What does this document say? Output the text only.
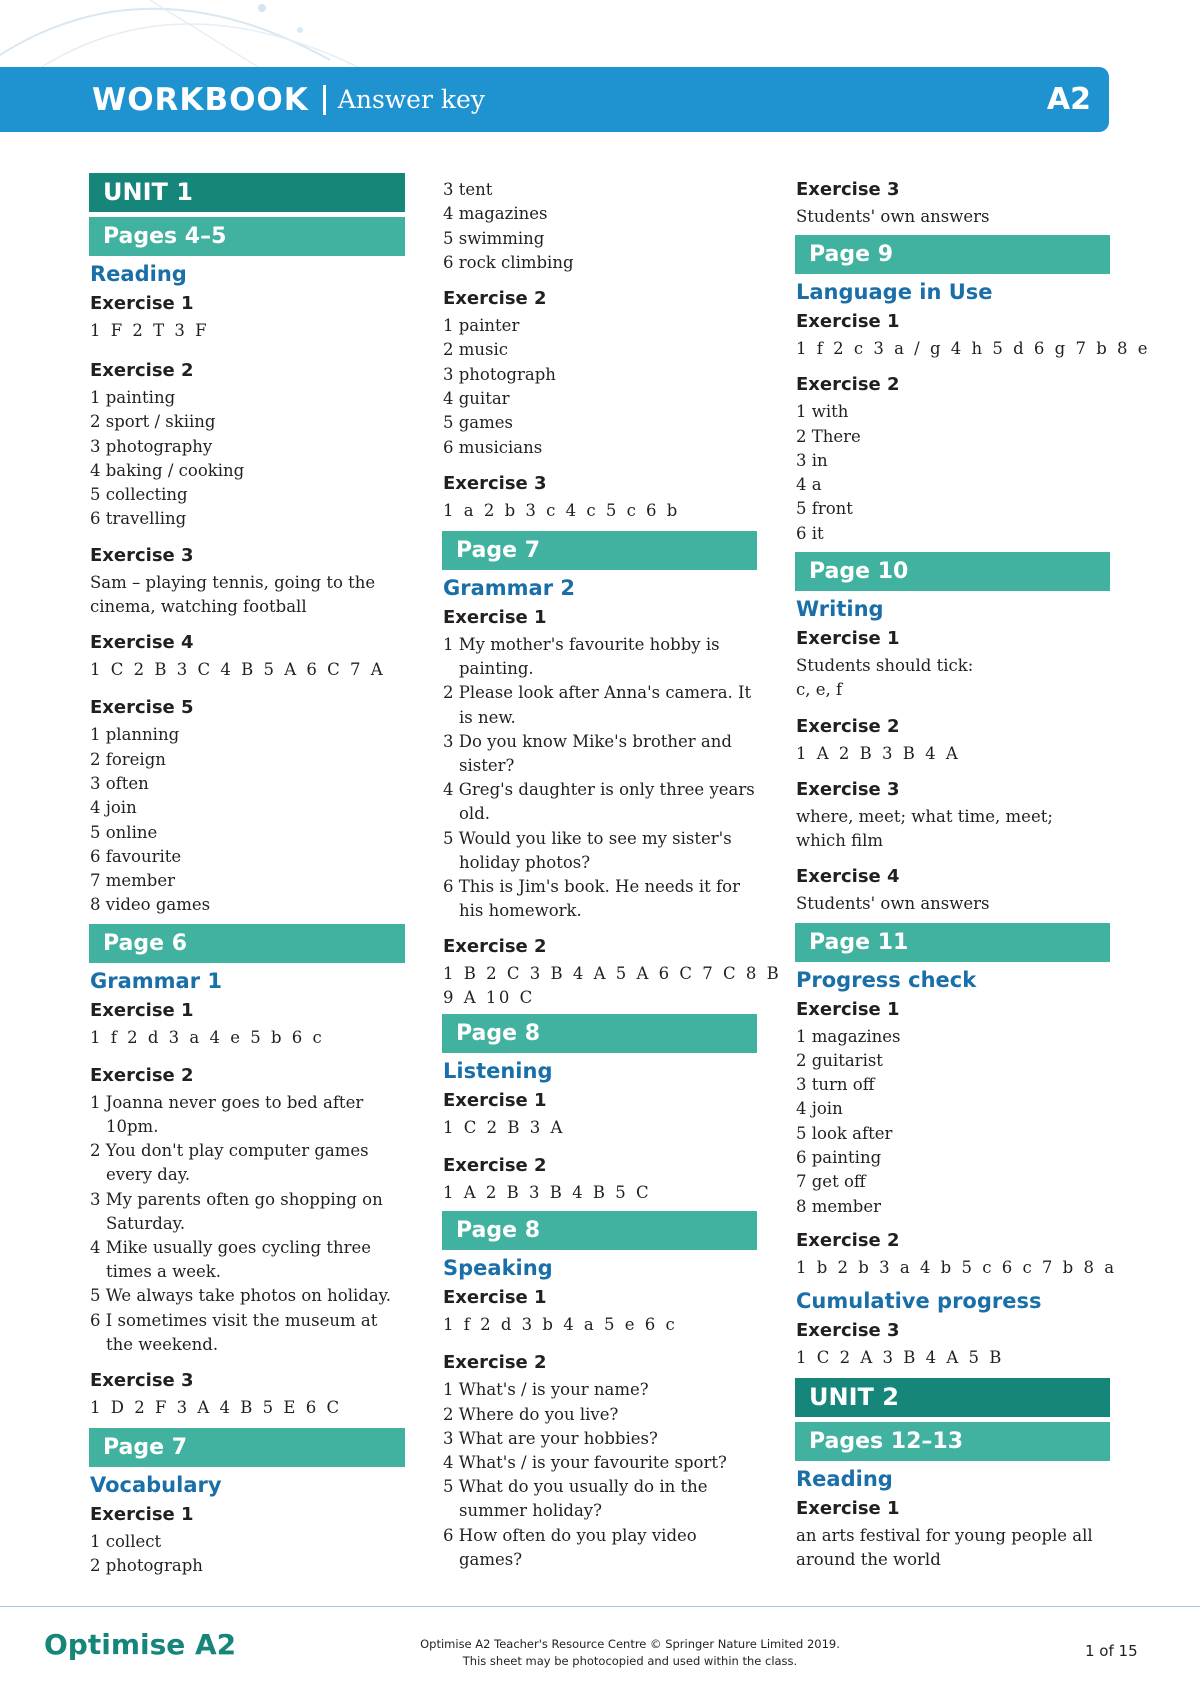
WORKBOOK Answer key	A2
UNIT 1
Pages 4–5
Reading
Exercise 1
1 F 2 T 3 F
Exercise 2
1 painting
2 sport / skiing
3 photography
4 baking / cooking
5 collecting
6 travelling
Exercise 3
Sam – playing tennis, going to the
cinema, watching football
Exercise 4
1 C 2 B 3 C 4 B 5 A 6 C 7 A
Exercise 5
1 planning
2 foreign
3 often
4 join
5 online
6 favourite
7 member
8 video games
Page 6
Grammar 1
Exercise 1
1 f 2 d 3 a 4 e 5 b 6 c
Exercise 2
1 Joanna never goes to bed after 10pm.
2 You don't play computer games every day.
3 My parents often go shopping on Saturday.
4 Mike usually goes cycling three times a week.
5 We always take photos on holiday.
6 I sometimes visit the museum at the weekend.
Exercise 3
1 D 2 F 3 A 4 B 5 E 6 C
Page 7
Vocabulary
Exercise 1
1 collect
2 photograph
3 tent
4 magazines
5 swimming
6 rock climbing
Exercise 2
1 painter
2 music
3 photograph
4 guitar
5 games
6 musicians
Exercise 3
1 a 2 b 3 c 4 c 5 c 6 b
Page 7
Grammar 2
Exercise 1
1 My mother's favourite hobby is painting.
2 Please look after Anna's camera. It is new.
3 Do you know Mike's brother and sister?
4 Greg's daughter is only three years old.
5 Would you like to see my sister's holiday photos?
6 This is Jim's book. He needs it for his homework.
Exercise 2
1 B 2 C 3 B 4 A 5 A 6 C 7 C 8 B
9 A 10 C
Page 8
Listening
Exercise 1
1 C 2 B 3 A
Exercise 2
1 A 2 B 3 B 4 B 5 C
Page 8
Speaking
Exercise 1
1 f 2 d 3 b 4 a 5 e 6 c
Exercise 2
1 What's / is your name?
2 Where do you live?
3 What are your hobbies?
4 What's / is your favourite sport?
5 What do you usually do in the summer holiday?
6 How often do you play video games?
Exercise 3
Students' own answers
Page 9
Language in Use
Exercise 1
1 f 2 c 3 a / g 4 h 5 d 6 g 7 b 8 e
Exercise 2
1 with
2 There
3 in
4 a
5 front
6 it
Page 10
Writing
Exercise 1
Students should tick:
c, e, f
Exercise 2
1 A 2 B 3 B 4 A
Exercise 3
where, meet; what time, meet;
which film
Exercise 4
Students' own answers
Page 11
Progress check
Exercise 1
1 magazines
2 guitarist
3 turn off
4 join
5 look after
6 painting
7 get off
8 member
Exercise 2
1 b 2 b 3 a 4 b 5 c 6 c 7 b 8 a
Cumulative progress
Exercise 3
1 C 2 A 3 B 4 A 5 B
UNIT 2
Pages 12–13
Reading
Exercise 1
an arts festival for young people all
around the world
Optimise A2	Optimise A2 Teacher's Resource Centre © Springer Nature Limited 2019.
This sheet may be photocopied and used within the class.
1 of 15
